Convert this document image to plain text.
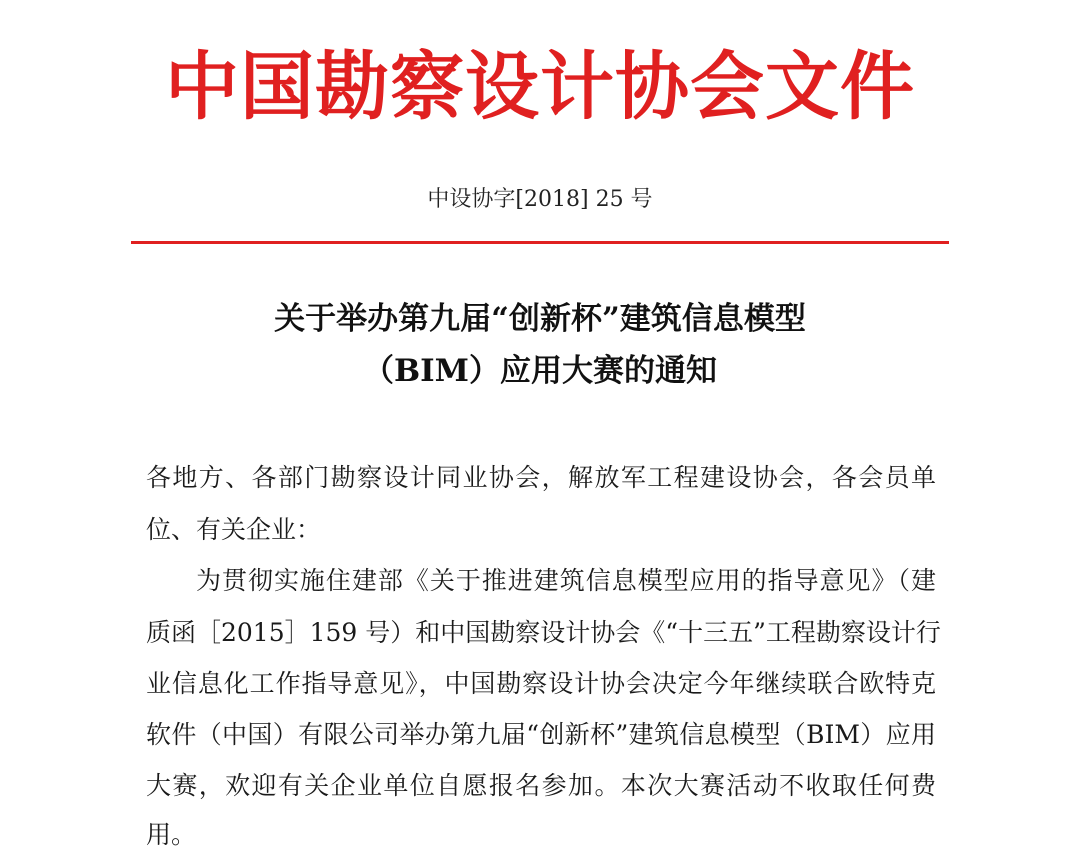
中国勘察设计协会文件
中设协字[2018] 25 号
关于举办第九届“创新杯”建筑信息模型
（BIM）应用大赛的通知
各地方、各部门勘察设计同业协会，解放军工程建设协会，各会员单
位、有关企业：
为贯彻实施住建部《关于推进建筑信息模型应用的指导意见》（建
质函［2015］159 号）和中国勘察设计协会《“十三五”工程勘察设计行
业信息化工作指导意见》，中国勘察设计协会决定今年继续联合欧特克
软件（中国）有限公司举办第九届“创新杯”建筑信息模型（BIM）应用
大赛，欢迎有关企业单位自愿报名参加。本次大赛活动不收取任何费
用。
